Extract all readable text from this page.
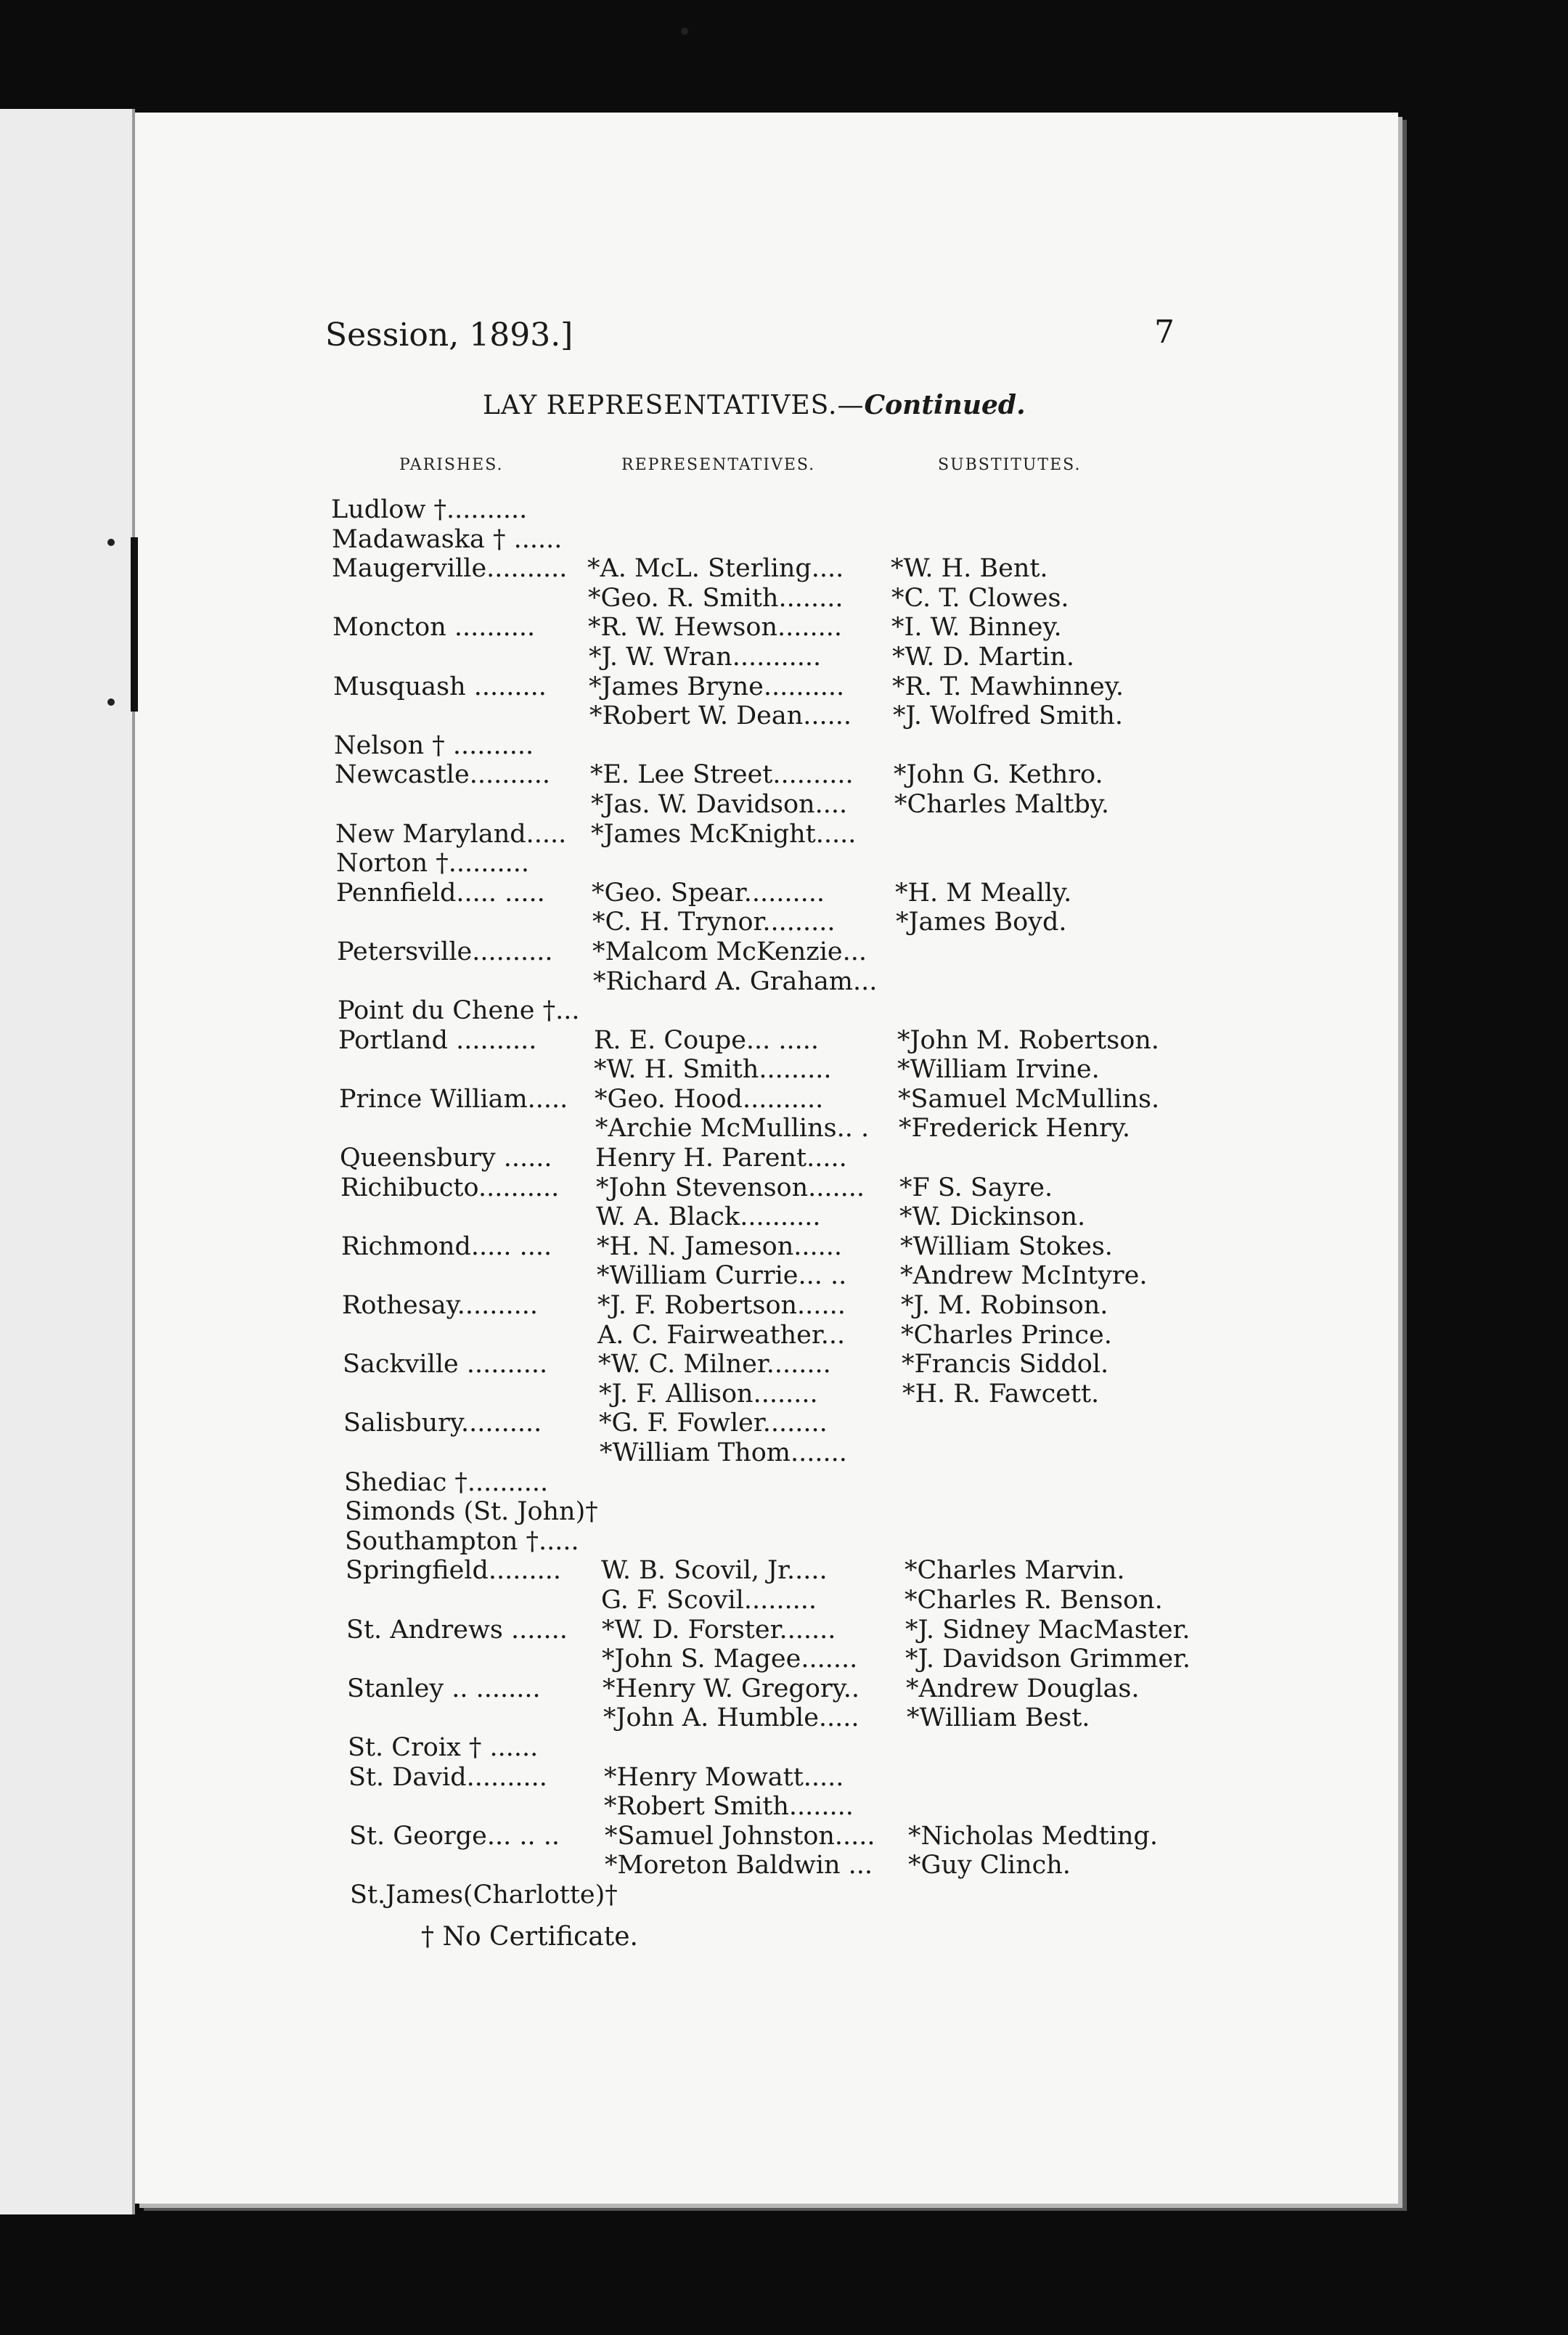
Session, 1893.]	7
LAY REPRESENTATIVES.—Continued.
PARISHES.	REPRESENTATIVES.	SUBSTITUTES.
Ludlow †..........
Madawaska † ......
Maugerville.......... *A. McL. Sterling.... *W. H. Bent.
*Geo. R. Smith........ *C. T. Clowes.
Moncton .......... *R. W. Hewson........ *I. W. Binney.
*J. W. Wran...........	*W. D. Martin.
Musquash ......... *James Bryne.......... *R. T. Mawhinney.
*Robert W. Dean...... *J. Wolfred Smith.
Nelson † ..........
Newcastle.......... *E. Lee Street.......... *John G. Kethro.
*Jas. W. Davidson.... *Charles Maltby.
New Maryland..... *James McKnight.....
Norton †..........
Pennfield..... ..... *Geo. Spear..........	*H. M Meally.
*C. H. Trynor......... *James Boyd.
Petersville.......... *Malcom McKenzie...
*Richard A. Graham...
Point du Chene †...
Portland .......... R. E. Coupe... .....	*John M. Robertson.
*W. H. Smith.........	*William Irvine.
Prince William..... *Geo. Hood..........	*Samuel McMullins.
*Archie McMullins.. . *Frederick Henry.
Queensbury ...... Henry H. Parent.....
Richibucto.......... *John Stevenson....... *F S. Sayre.
W. A. Black..........	*W. Dickinson.
Richmond..... .... *H. N. Jameson...... *William Stokes.
*William Currie... .. *Andrew McIntyre.
Rothesay.......... *J. F. Robertson...... *J. M. Robinson.
A. C. Fairweather... *Charles Prince.
Sackville .......... *W. C. Milner........	*Francis Siddol.
*J. F. Allison........	*H. R. Fawcett.
Salisbury.......... *G. F. Fowler........
*William Thom.......
Shediac †..........
Simonds (St. John)†
Southampton †.....
Springfield......... W. B. Scovil, Jr.....	*Charles Marvin.
G. F. Scovil.........	*Charles R. Benson.
St. Andrews ....... *W. D. Forster.......	*J. Sidney MacMaster.
*John S. Magee....... *J. Davidson Grimmer.
Stanley .. ........ *Henry W. Gregory.. *Andrew Douglas.
*John A. Humble..... *William Best.
St. Croix † ......
St. David.......... *Henry Mowatt.....
*Robert Smith........
St. George... .. .. *Samuel Johnston..... *Nicholas Medting.
*Moreton Baldwin ... *Guy Clinch.
St.James(Charlotte)†
† No Certificate.
